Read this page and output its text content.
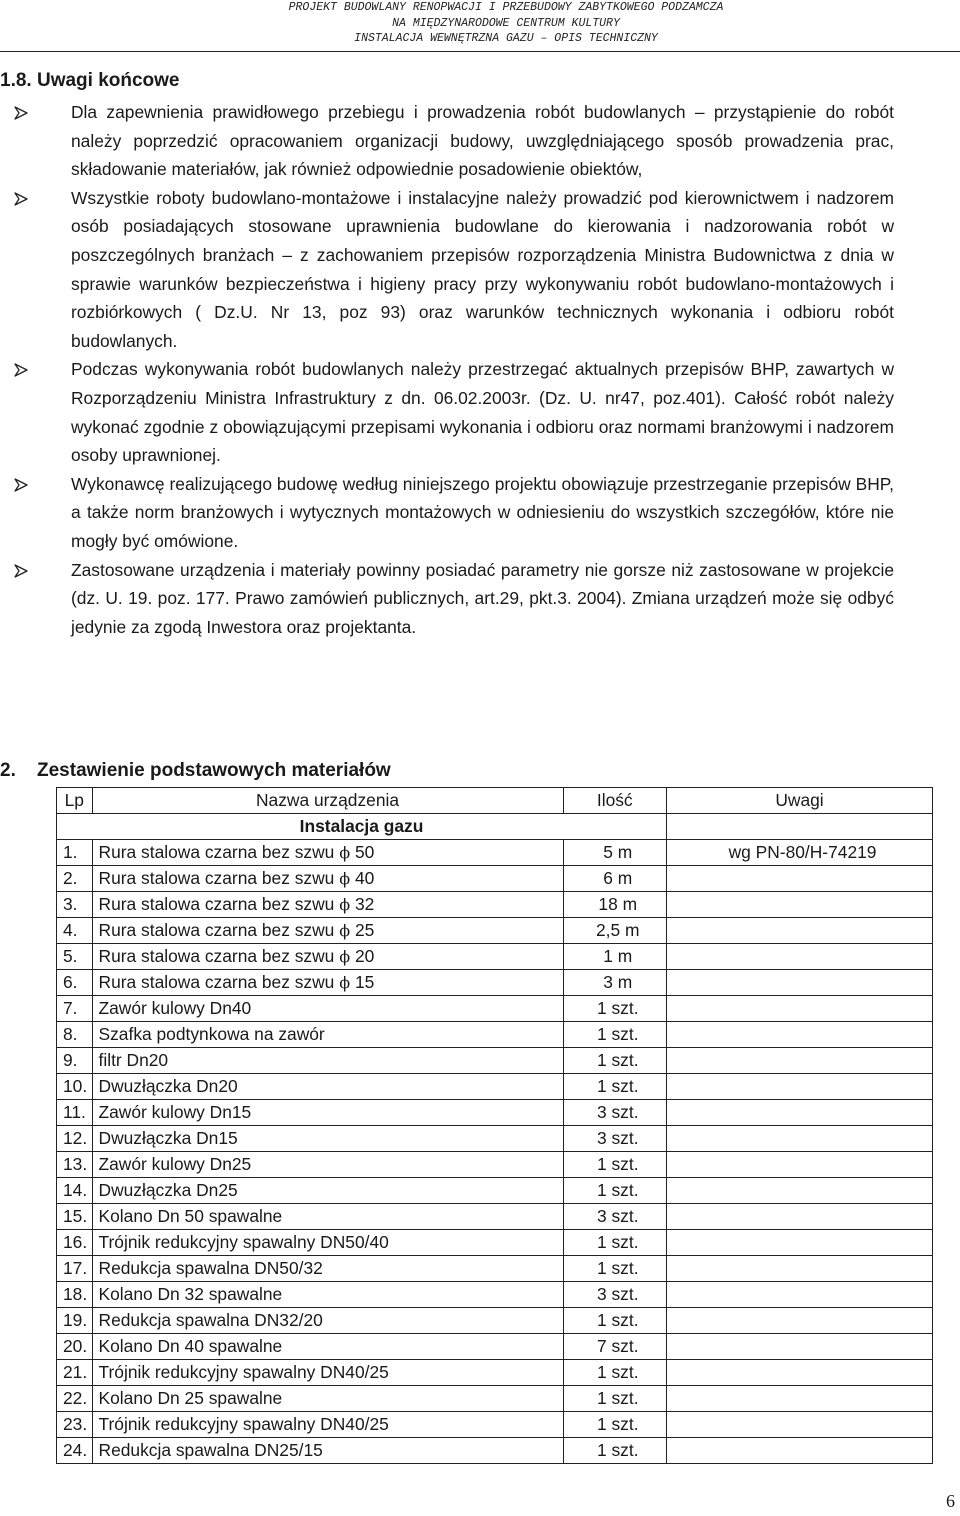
PROJEKT BUDOWLANY RENOPWACJI I PRZEBUDOWY ZABYTKOWEGO PODZAMCZA
NA MIĘDZYNARODOWE CENTRUM KULTURY
INSTALACJA WEWNĘTRZNA GAZU – OPIS TECHNICZNY
1.8. Uwagi końcowe
Dla zapewnienia prawidłowego przebiegu i prowadzenia robót budowlanych – przystąpienie do robót należy poprzedzić opracowaniem organizacji budowy, uwzględniającego sposób prowadzenia prac, składowanie materiałów, jak również odpowiednie posadowienie obiektów,
Wszystkie roboty budowlano-montażowe i instalacyjne należy prowadzić pod kierownictwem i nadzorem osób posiadających stosowane uprawnienia budowlane do kierowania i nadzorowania robót w poszczególnych branżach – z zachowaniem przepisów rozporządzenia Ministra Budownictwa z dnia w sprawie warunków bezpieczeństwa i higieny pracy przy wykonywaniu robót budowlano-montażowych i rozbiórkowych ( Dz.U. Nr 13, poz 93) oraz warunków technicznych wykonania i odbioru robót budowlanych.
Podczas wykonywania robót budowlanych należy przestrzegać aktualnych przepisów BHP, zawartych w Rozporządzeniu Ministra Infrastruktury z dn. 06.02.2003r. (Dz. U. nr47, poz.401). Całość robót należy wykonać zgodnie z obowiązującymi przepisami wykonania i odbioru oraz normami branżowymi i nadzorem osoby uprawnionej.
Wykonawcę realizującego budowę według niniejszego projektu obowiązuje przestrzeganie przepisów BHP, a także norm branżowych i wytycznych montażowych w odniesieniu do wszystkich szczegółów, które nie mogły być omówione.
Zastosowane urządzenia i materiały powinny posiadać parametry nie gorsze niż zastosowane w projekcie (dz. U. 19. poz. 177. Prawo zamówień publicznych, art.29, pkt.3. 2004). Zmiana urządzeń może się odbyć jedynie za zgodą Inwestora oraz projektanta.
2. Zestawienie podstawowych materiałów
Lp	Nazwa urządzenia	Ilość	Uwagi
Instalacja gazu			
1.	Rura stalowa czarna bez szwu ϕ 50	5 m	wg PN-80/H-74219
2.	Rura stalowa czarna bez szwu ϕ 40	6 m	
3.	Rura stalowa czarna bez szwu ϕ 32	18 m	
4.	Rura stalowa czarna bez szwu ϕ 25	2,5 m	
5.	Rura stalowa czarna bez szwu ϕ 20	1 m	
6.	Rura stalowa czarna bez szwu ϕ 15	3 m	
7.	Zawór kulowy Dn40	1 szt.	
8.	Szafka podtynkowa na zawór	1 szt.	
9.	filtr Dn20	1 szt.	
10.	Dwuzłączka Dn20	1 szt.	
11.	Zawór kulowy Dn15	3 szt.	
12.	Dwuzłączka Dn15	3 szt.	
13.	Zawór kulowy Dn25	1 szt.	
14.	Dwuzłączka Dn25	1 szt.	
15.	Kolano Dn 50 spawalne	3 szt.	
16.	Trójnik redukcyjny spawalny DN50/40	1 szt.	
17.	Redukcja spawalna DN50/32	1 szt.	
18.	Kolano Dn 32 spawalne	3 szt.	
19.	Redukcja spawalna DN32/20	1 szt.	
20.	Kolano Dn 40 spawalne	7 szt.	
21.	Trójnik redukcyjny spawalny DN40/25	1 szt.	
22.	Kolano Dn 25 spawalne	1 szt.	
23.	Trójnik redukcyjny spawalny DN40/25	1 szt.	
24.	Redukcja spawalna DN25/15	1 szt.	
6
